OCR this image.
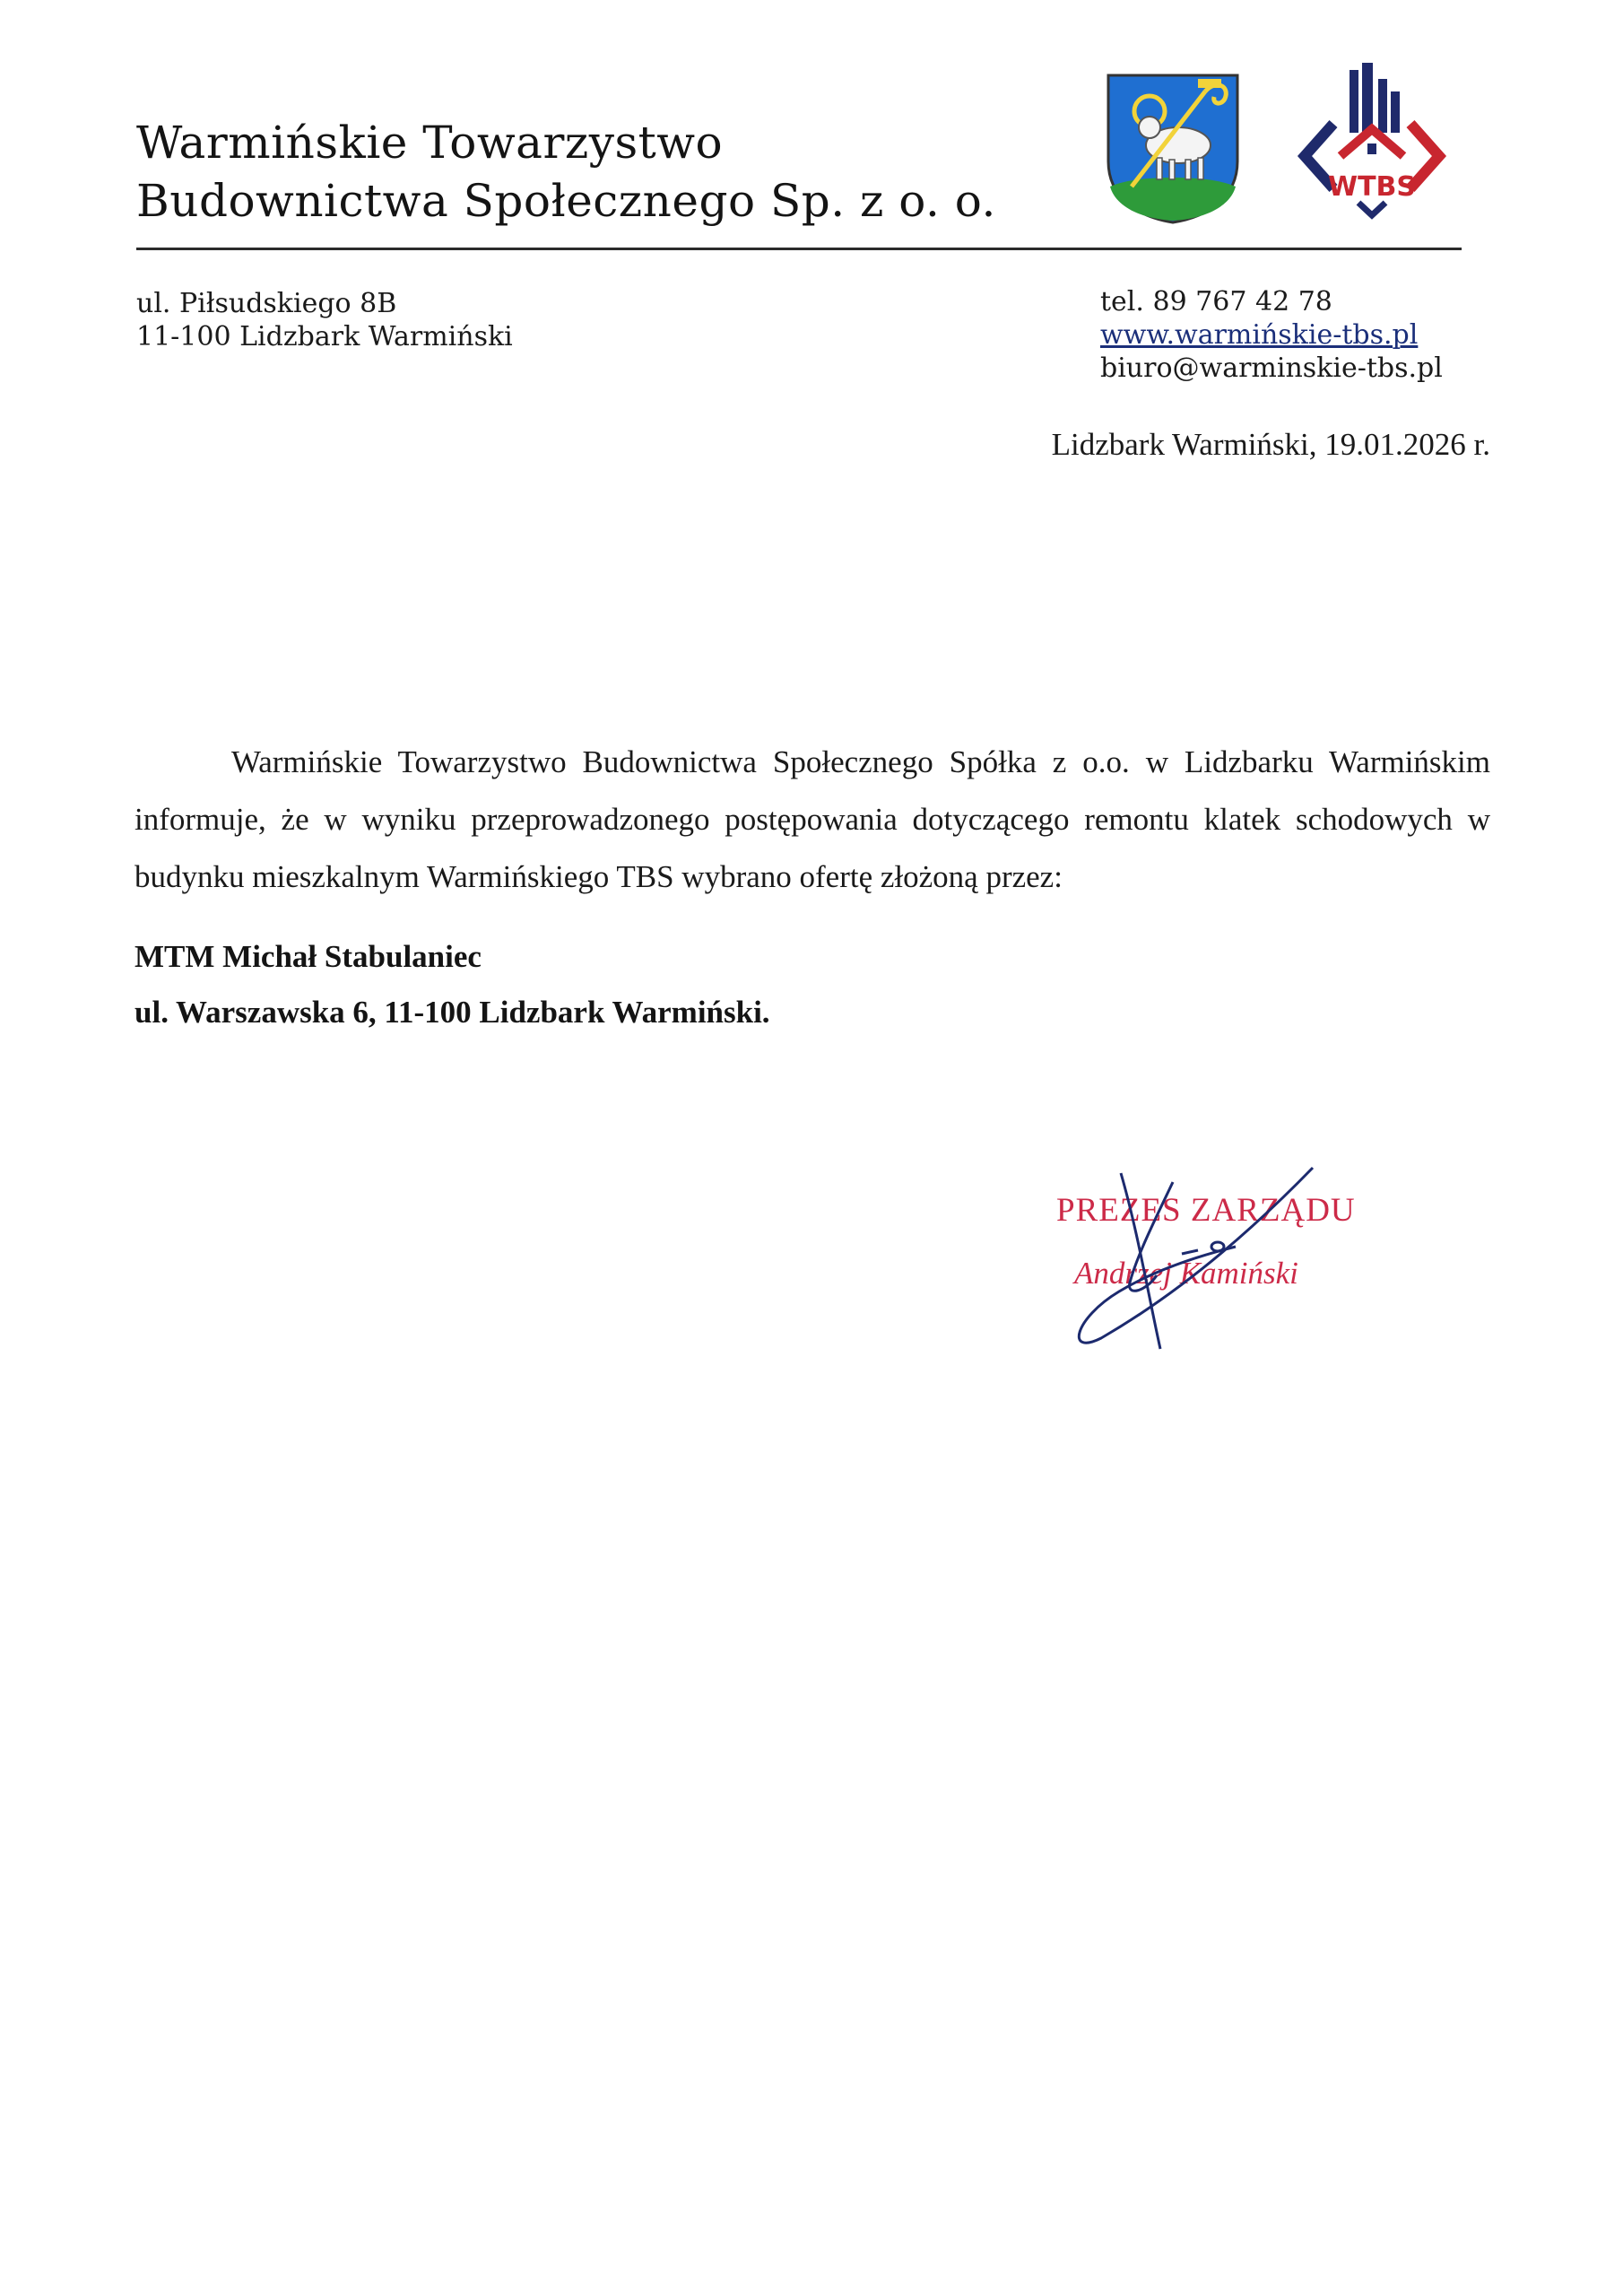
Warmińskie Towarzystwo
Budownictwa Społecznego Sp. z o. o.	WTBS
ul. Piłsudskiego 8B
11-100 Lidzbark Warmiński
tel. 89 767 42 78
www.warmińskie-tbs.pl
biuro@warminskie-tbs.pl
Lidzbark Warmiński, 19.01.2026 r.

Warmińskie Towarzystwo Budownictwa Społecznego Spółka z o.o. w Lidzbarku Warmińskim informuje, że w wyniku przeprowadzonego postępowania dotyczącego remontu klatek schodowych w budynku mieszkalnym Warmińskiego TBS wybrano ofertę złożoną przez:

MTM Michał Stabulaniec
ul. Warszawska 6, 11-100 Lidzbark Warmiński.
PREZES ZARZĄDU
Andrzej Kamiński
